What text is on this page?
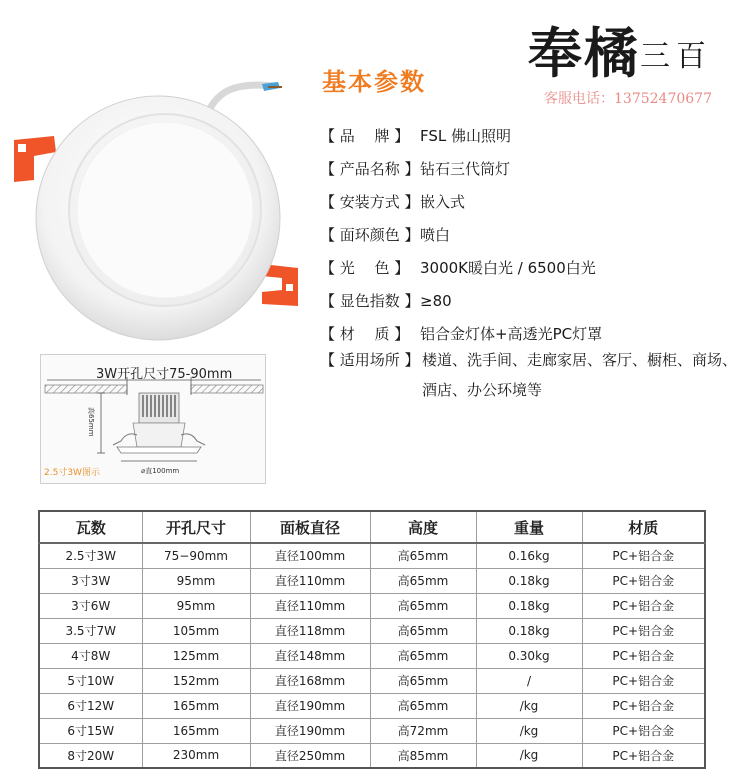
奉橘三百
客服电话：13752470677
基本参数
【 品　 牌 】 FSL 佛山照明
【 产品名称 】钻石三代筒灯
【 安装方式 】嵌入式
【 面环颜色 】喷白
【 光　 色 】 3000K暖白光 / 6500白光
【 显色指数 】≥80
【 材　 质 】 铝合金灯体+高透光PC灯罩
【 适用场所 】 楼道、洗手间、走廊家居、客厅、橱柜、商场、酒店、办公环境等
高65mm
⌀直100mm
3W开孔尺寸75-90mm
2.5寸3W图示
瓦数	开孔尺寸	面板直径	高度	重量	材质
2.5寸3W	75−90mm	直径100mm	高65mm	0.16kg	PC+铝合金
3寸3W	95mm	直径110mm	高65mm	0.18kg	PC+铝合金
3寸6W	95mm	直径110mm	高65mm	0.18kg	PC+铝合金
3.5寸7W	105mm	直径118mm	高65mm	0.18kg	PC+铝合金
4寸8W	125mm	直径148mm	高65mm	0.30kg	PC+铝合金
5寸10W	152mm	直径168mm	高65mm	/	PC+铝合金
6寸12W	165mm	直径190mm	高65mm	/kg	PC+铝合金
6寸15W	165mm	直径190mm	高72mm	/kg	PC+铝合金
8寸20W	230mm	直径250mm	高85mm	/kg	PC+铝合金
